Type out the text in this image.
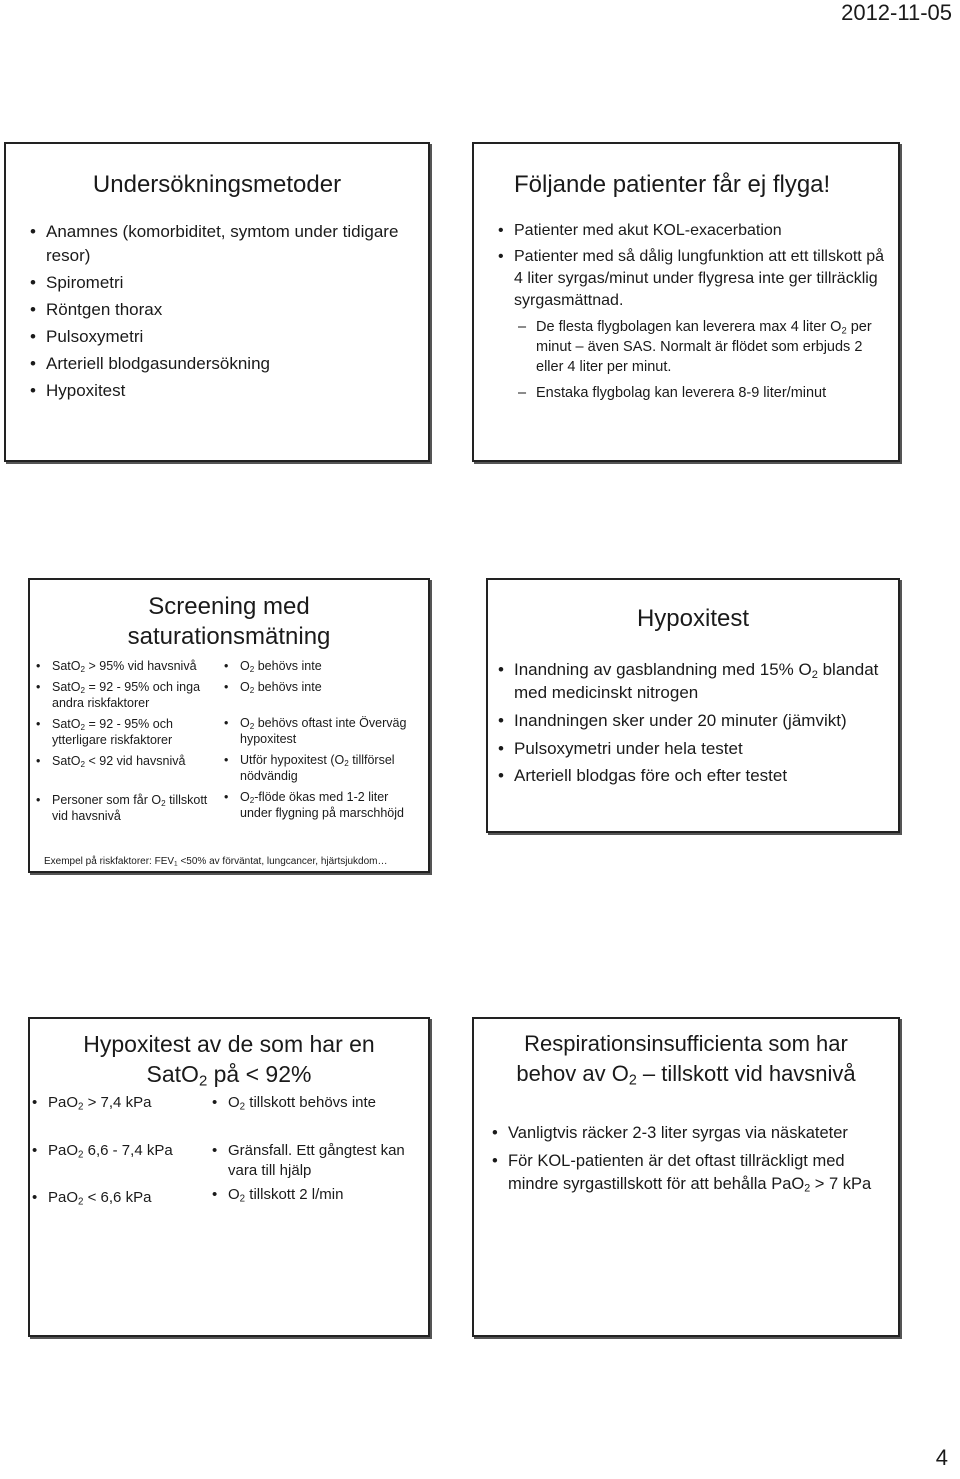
2012-11-05
Undersökningsmetoder
• Anamnes (komorbiditet, symtom under tidigare resor)
• Spirometri
• Röntgen thorax
• Pulsoxymetri
• Arteriell blodgasundersökning
• Hypoxitest
Följande patienter får ej flyga!
• Patienter med akut KOL-exacerbation
• Patienter med så dålig lungfunktion att ett tillskott på 4 liter syrgas/minut under flygresa inte ger tillräcklig syrgasmättnad.
– De flesta flygbolagen kan leverera max 4 liter $O_2$ per minut – även SAS. Normalt är flödet som erbjuds 2 eller 4 liter per minut.
– Enstaka flygbolag kan leverera 8-9 liter/minut
Screening med saturationsmätning
• SatO$_2$ > 95% vid havsnivå
• SatO$_2$ = 92 - 95% och inga andra riskfaktorer
• SatO$_2$ = 92 - 95% och ytterligare riskfaktorer
• SatO$_2$ < 92 vid havsnivå
• Personer som får $O_2$ tillskott vid havsnivå
• $O_2$ behövs inte
• $O_2$ behövs inte
• $O_2$ behövs oftast inte Överväg hypoxitest
• Utför hypoxitest ($O_2$ tillförsel nödvändig
• $O_2$-flöde ökas med 1-2 liter under flygning på marschhöjd
Exempel på riskfaktorer: $FEV_1 <50\%$ av förväntat, lungcancer, hjärtsjukdom…
Hypoxitest
• Inandning av gasblandning med 15% $O_2$ blandat med medicinskt nitrogen
• Inandningen sker under 20 minuter (jämvikt)
• Pulsoxymetri under hela testet
• Arteriell blodgas före och efter testet
Hypoxitest av de som har en SatO$_2$ på < 92%
• PaO$_2$ > 7,4 kPa
• PaO$_2$ 6,6 - 7,4 kPa
• PaO$_2$ < 6,6 kPa
• $O_2$ tillskott behövs inte
• Gränsfall. Ett gångtest kan vara till hjälp
• $O_2$ tillskott 2 l/min
Respirationsinsufficienta som har behov av $O_2$ – tillskott vid havsnivå
• Vanligtvis räcker 2-3 liter syrgas via näskateter
• För KOL-patienten är det oftast tillräckligt med mindre syrgastillskott för att behålla PaO$_2$ > 7 kPa
4
